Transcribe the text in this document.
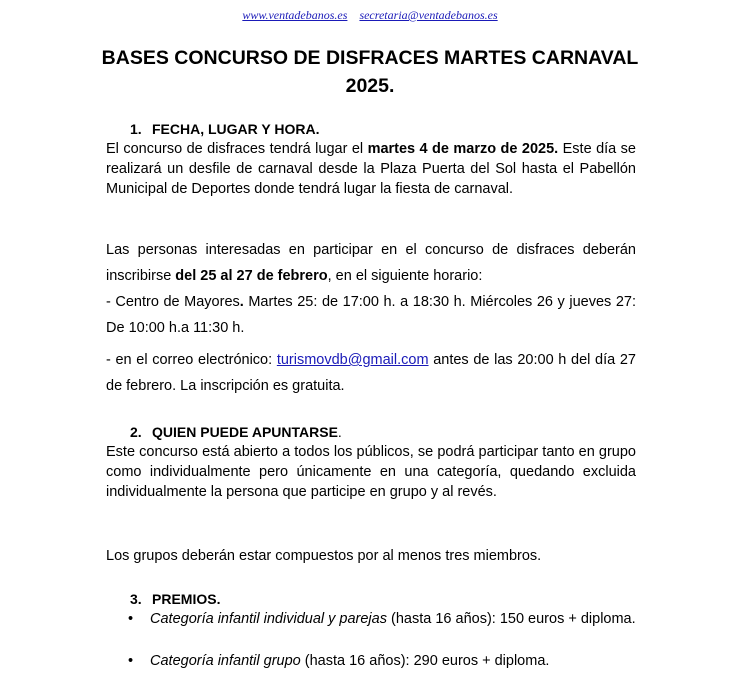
www.ventadebanos.es secretaria@ventadebanos.es
BASES CONCURSO DE DISFRACES MARTES CARNAVAL
2025.
1. FECHA, LUGAR Y HORA.
El concurso de disfraces tendrá lugar el martes 4 de marzo de 2025. Este día se realizará un desfile de carnaval desde la Plaza Puerta del Sol hasta el Pabellón Municipal de Deportes donde tendrá lugar la fiesta de carnaval.
Las personas interesadas en participar en el concurso de disfraces deberán inscribirse del 25 al 27 de febrero, en el siguiente horario:
- Centro de Mayores. Martes 25: de 17:00 h. a 18:30 h. Miércoles 26 y jueves 27: De 10:00 h.a 11:30 h.
- en el correo electrónico: turismovdb@gmail.com antes de las 20:00 h del día 27 de febrero. La inscripción es gratuita.
2. QUIEN PUEDE APUNTARSE.
Este concurso está abierto a todos los públicos, se podrá participar tanto en grupo como individualmente pero únicamente en una categoría, quedando excluida individualmente la persona que participe en grupo y al revés.
Los grupos deberán estar compuestos por al menos tres miembros.
3. PREMIOS.
•	Categoría infantil individual y parejas (hasta 16 años): 150 euros + diploma.
•	Categoría infantil grupo (hasta 16 años): 290 euros + diploma.
